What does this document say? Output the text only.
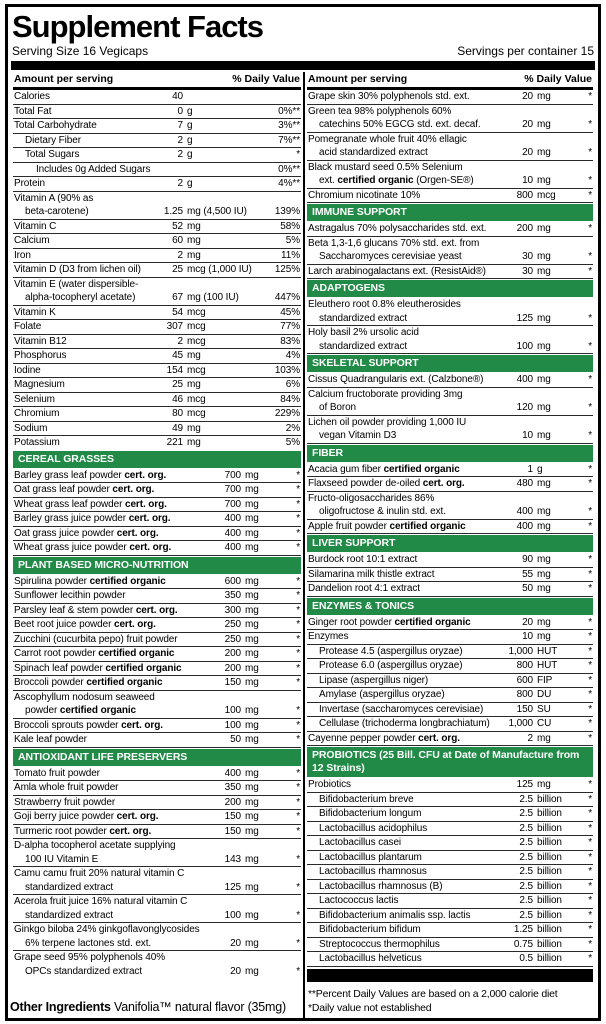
Supplement Facts
Serving Size 16 Vegicaps	Servings per container 15
Amount per serving	% Daily Value
Calories	40
Total Fat	0 g	0%**
Total Carbohydrate	7 g	3%**
Dietary Fiber	2 g	7%**
Total Sugars	2 g	*
Includes 0g Added Sugars	0%**
Protein	2 g	4%**
Vitamin A (90% as
beta-carotene)	1.25 mg (4,500 IU)	139%
Vitamin C	52 mg	58%
Calcium	60 mg	5%
Iron	2 mg	11%
Vitamin D (D3 from lichen oil)	25 mcg (1,000 IU)	125%
Vitamin E (water dispersible-
alpha-tocopheryl acetate)	67 mg (100 IU)	447%
Vitamin K	54 mcg	45%
Folate	307 mcg	77%
Vitamin B12	2 mcg	83%
Phosphorus	45 mg	4%
Iodine	154 mcg	103%
Magnesium	25 mg	6%
Selenium	46 mcg	84%
Chromium	80 mcg	229%
Sodium	49 mg	2%
Potassium	221 mg	5%
CEREAL GRASSES
Barley grass leaf powder cert. org.	700 mg	*
Oat grass leaf powder cert. org.	700 mg	*
Wheat grass leaf powder cert. org.	700 mg	*
Barley grass juice powder cert. org.	400 mg	*
Oat grass juice powder cert. org.	400 mg	*
Wheat grass juice powder cert. org.	400 mg	*
PLANT BASED MICRO-NUTRITION
Spirulina powder certified organic	600 mg	*
Sunflower lecithin powder	350 mg	*
Parsley leaf & stem powder cert. org.	300 mg	*
Beet root juice powder cert. org.	250 mg	*
Zucchini (cucurbita pepo) fruit powder	250 mg	*
Carrot root powder certified organic	200 mg	*
Spinach leaf powder certified organic	200 mg	*
Broccoli powder certified organic	150 mg	*
Ascophyllum nodosum seaweed
powder certified organic	100 mg	*
Broccoli sprouts powder cert. org.	100 mg	*
Kale leaf powder	50 mg	*
ANTIOXIDANT LIFE PRESERVERS
Tomato fruit powder	400 mg	*
Amla whole fruit powder	350 mg	*
Strawberry fruit powder	200 mg	*
Goji berry juice powder cert. org.	150 mg	*
Turmeric root powder cert. org.	150 mg	*
D-alpha tocopherol acetate supplying
100 IU Vitamin E	143 mg	*
Camu camu fruit 20% natural vitamin C
standardized extract	125 mg	*
Acerola fruit juice 16% natural vitamin C
standardized extract	100 mg	*
Ginkgo biloba 24% ginkgoflavonglycosides
6% terpene lactones std. ext.	20 mg	*
Grape seed 95% polyphenols 40%
OPCs standardized extract	20 mg	*
Amount per serving	% Daily Value
Grape skin 30% polyphenols std. ext.	20 mg	*
Green tea 98% polyphenols 60%
catechins 50% EGCG std. ext. decaf.	20 mg	*
Pomegranate whole fruit 40% ellagic
acid standardized extract	20 mg	*
Black mustard seed 0.5% Selenium
ext. certified organic (Orgen-SE®)	10 mg	*
Chromium nicotinate 10%	800 mcg	*
IMMUNE SUPPORT
Astragalus 70% polysaccharides std. ext.	200 mg	*
Beta 1,3-1,6 glucans 70% std. ext. from
Saccharomyces cerevisiae yeast	30 mg	*
Larch arabinogalactans ext. (ResistAid®)	30 mg	*
ADAPTOGENS
Eleuthero root 0.8% eleutherosides
standardized extract	125 mg	*
Holy basil 2% ursolic acid
standardized extract	100 mg	*
SKELETAL SUPPORT
Cissus Quadrangularis ext. (Calzbone®)	400 mg	*
Calcium fructoborate providing 3mg
of Boron	120 mg	*
Lichen oil powder providing 1,000 IU
vegan Vitamin D3	10 mg	*
FIBER
Acacia gum fiber certified organic	1 g	*
Flaxseed powder de-oiled cert. org.	480 mg	*
Fructo-oligosaccharides 86%
oligofructose & inulin std. ext.	400 mg	*
Apple fruit powder certified organic	400 mg	*
LIVER SUPPORT
Burdock root 10:1 extract	90 mg	*
Silamarina milk thistle extract	55 mg	*
Dandelion root 4:1 extract	50 mg	*
ENZYMES & TONICS
Ginger root powder certified organic	20 mg	*
Enzymes	10 mg	*
Protease 4.5 (aspergillus oryzae)	1,000 HUT	*
Protease 6.0 (aspergillus oryzae)	800 HUT	*
Lipase (aspergillus niger)	600 FIP	*
Amylase (aspergillus oryzae)	800 DU	*
Invertase (saccharomyces cerevisiae)	150 SU	*
Cellulase (trichoderma longbrachiatum)	1,000 CU	*
Cayenne pepper powder cert. org.	2 mg	*
PROBIOTICS (25 Bill. CFU at Date of Manufacture from 12 Strains)
Probiotics	125 mg	*
Bifidobacterium breve	2.5 billion	*
Bifidobacterium longum	2.5 billion	*
Lactobacillus acidophilus	2.5 billion	*
Lactobacillus casei	2.5 billion	*
Lactobacillus plantarum	2.5 billion	*
Lactobacillus rhamnosus	2.5 billion	*
Lactobacillus rhamnosus (B)	2.5 billion	*
Lactococcus lactis	2.5 billion	*
Bifidobacterium animalis ssp. lactis	2.5 billion	*
Bifidobacterium bifidum	1.25 billion	*
Streptococcus thermophilus	0.75 billion	*
Lactobacillus helveticus	0.5 billion	*
**Percent Daily Values are based on a 2,000 calorie diet
*Daily value not established
Other Ingredients Vanifolia™ natural flavor (35mg)
